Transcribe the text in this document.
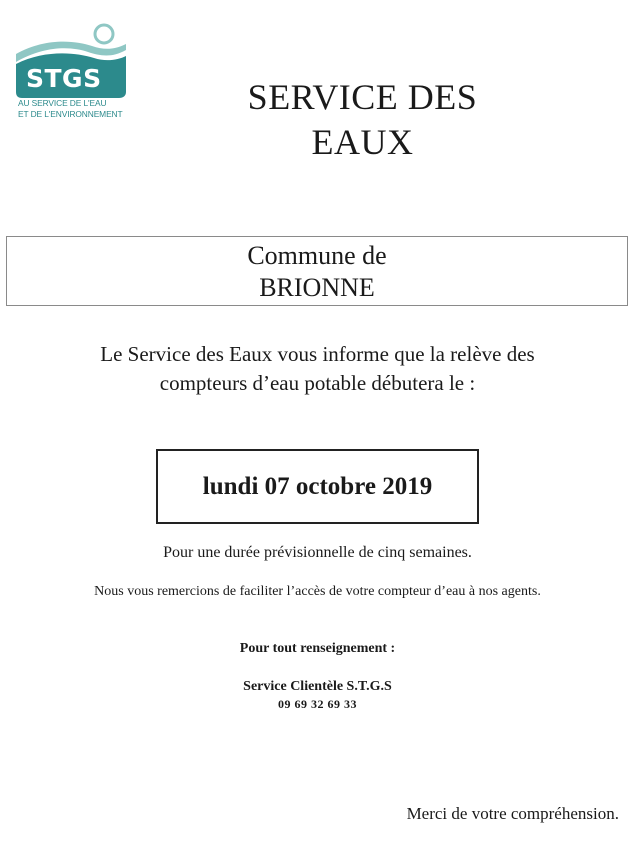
STGS
AU SERVICE DE L'EAU
ET DE L'ENVIRONNEMENT	SERVICE DES
EAUX
Commune de
BRIONNE
Le Service des Eaux vous informe que la relève des
compteurs d’eau potable débutera le :
lundi 07 octobre 2019
Pour une durée prévisionnelle de cinq semaines.
Nous vous remercions de faciliter l’accès de votre compteur d’eau à nos agents.
Pour tout renseignement :
Service Clientèle S.T.G.S
09 69 32 69 33
Merci de votre compréhension.
